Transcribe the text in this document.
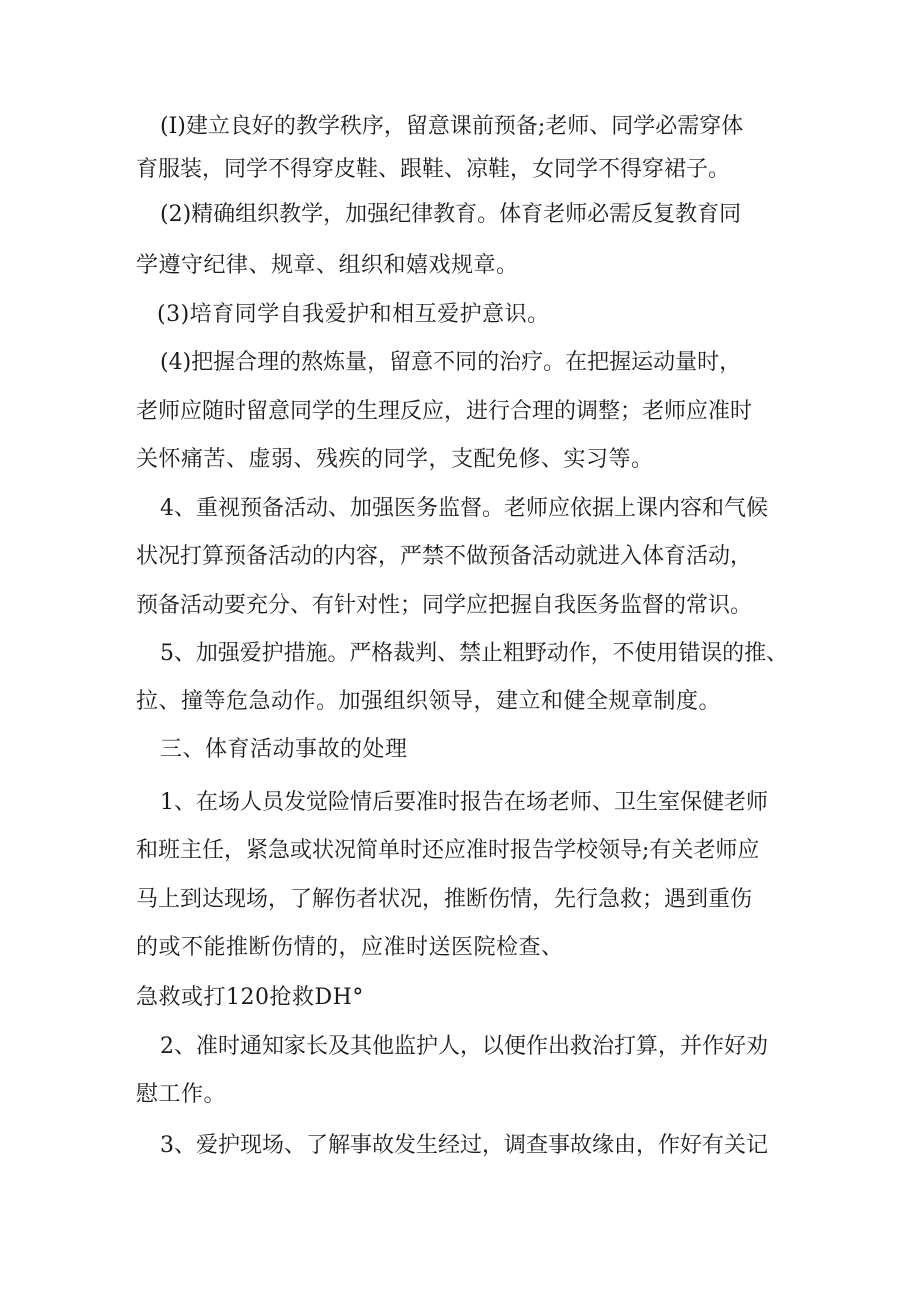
(I)建立良好的教学秩序，留意课前预备;老师、同学必需穿体
育服装，同学不得穿皮鞋、跟鞋、凉鞋，女同学不得穿裙子。
(2)精确组织教学，加强纪律教育。体育老师必需反复教育同
学遵守纪律、规章、组织和嬉戏规章。
(3)培育同学自我爱护和相互爱护意识。
(4)把握合理的熬炼量，留意不同的治疗。在把握运动量时，
老师应随时留意同学的生理反应，进行合理的调整；老师应准时
关怀痛苦、虚弱、残疾的同学，支配免修、实习等。
4、重视预备活动、加强医务监督。老师应依据上课内容和气候
状况打算预备活动的内容，严禁不做预备活动就进入体育活动，
预备活动要充分、有针对性；同学应把握自我医务监督的常识。
5、加强爱护措施。严格裁判、禁止粗野动作，不使用错误的推、
拉、撞等危急动作。加强组织领导，建立和健全规章制度。
三、体育活动事故的处理
1、在场人员发觉险情后要准时报告在场老师、卫生室保健老师
和班主任，紧急或状况简单时还应准时报告学校领导;有关老师应
马上到达现场，了解伤者状况，推断伤情，先行急救；遇到重伤
的或不能推断伤情的，应准时送医院检查、
急救或打120抢救DH°
2、准时通知家长及其他监护人，以便作出救治打算，并作好劝
慰工作。
3、爱护现场、了解事故发生经过，调查事故缘由，作好有关记
